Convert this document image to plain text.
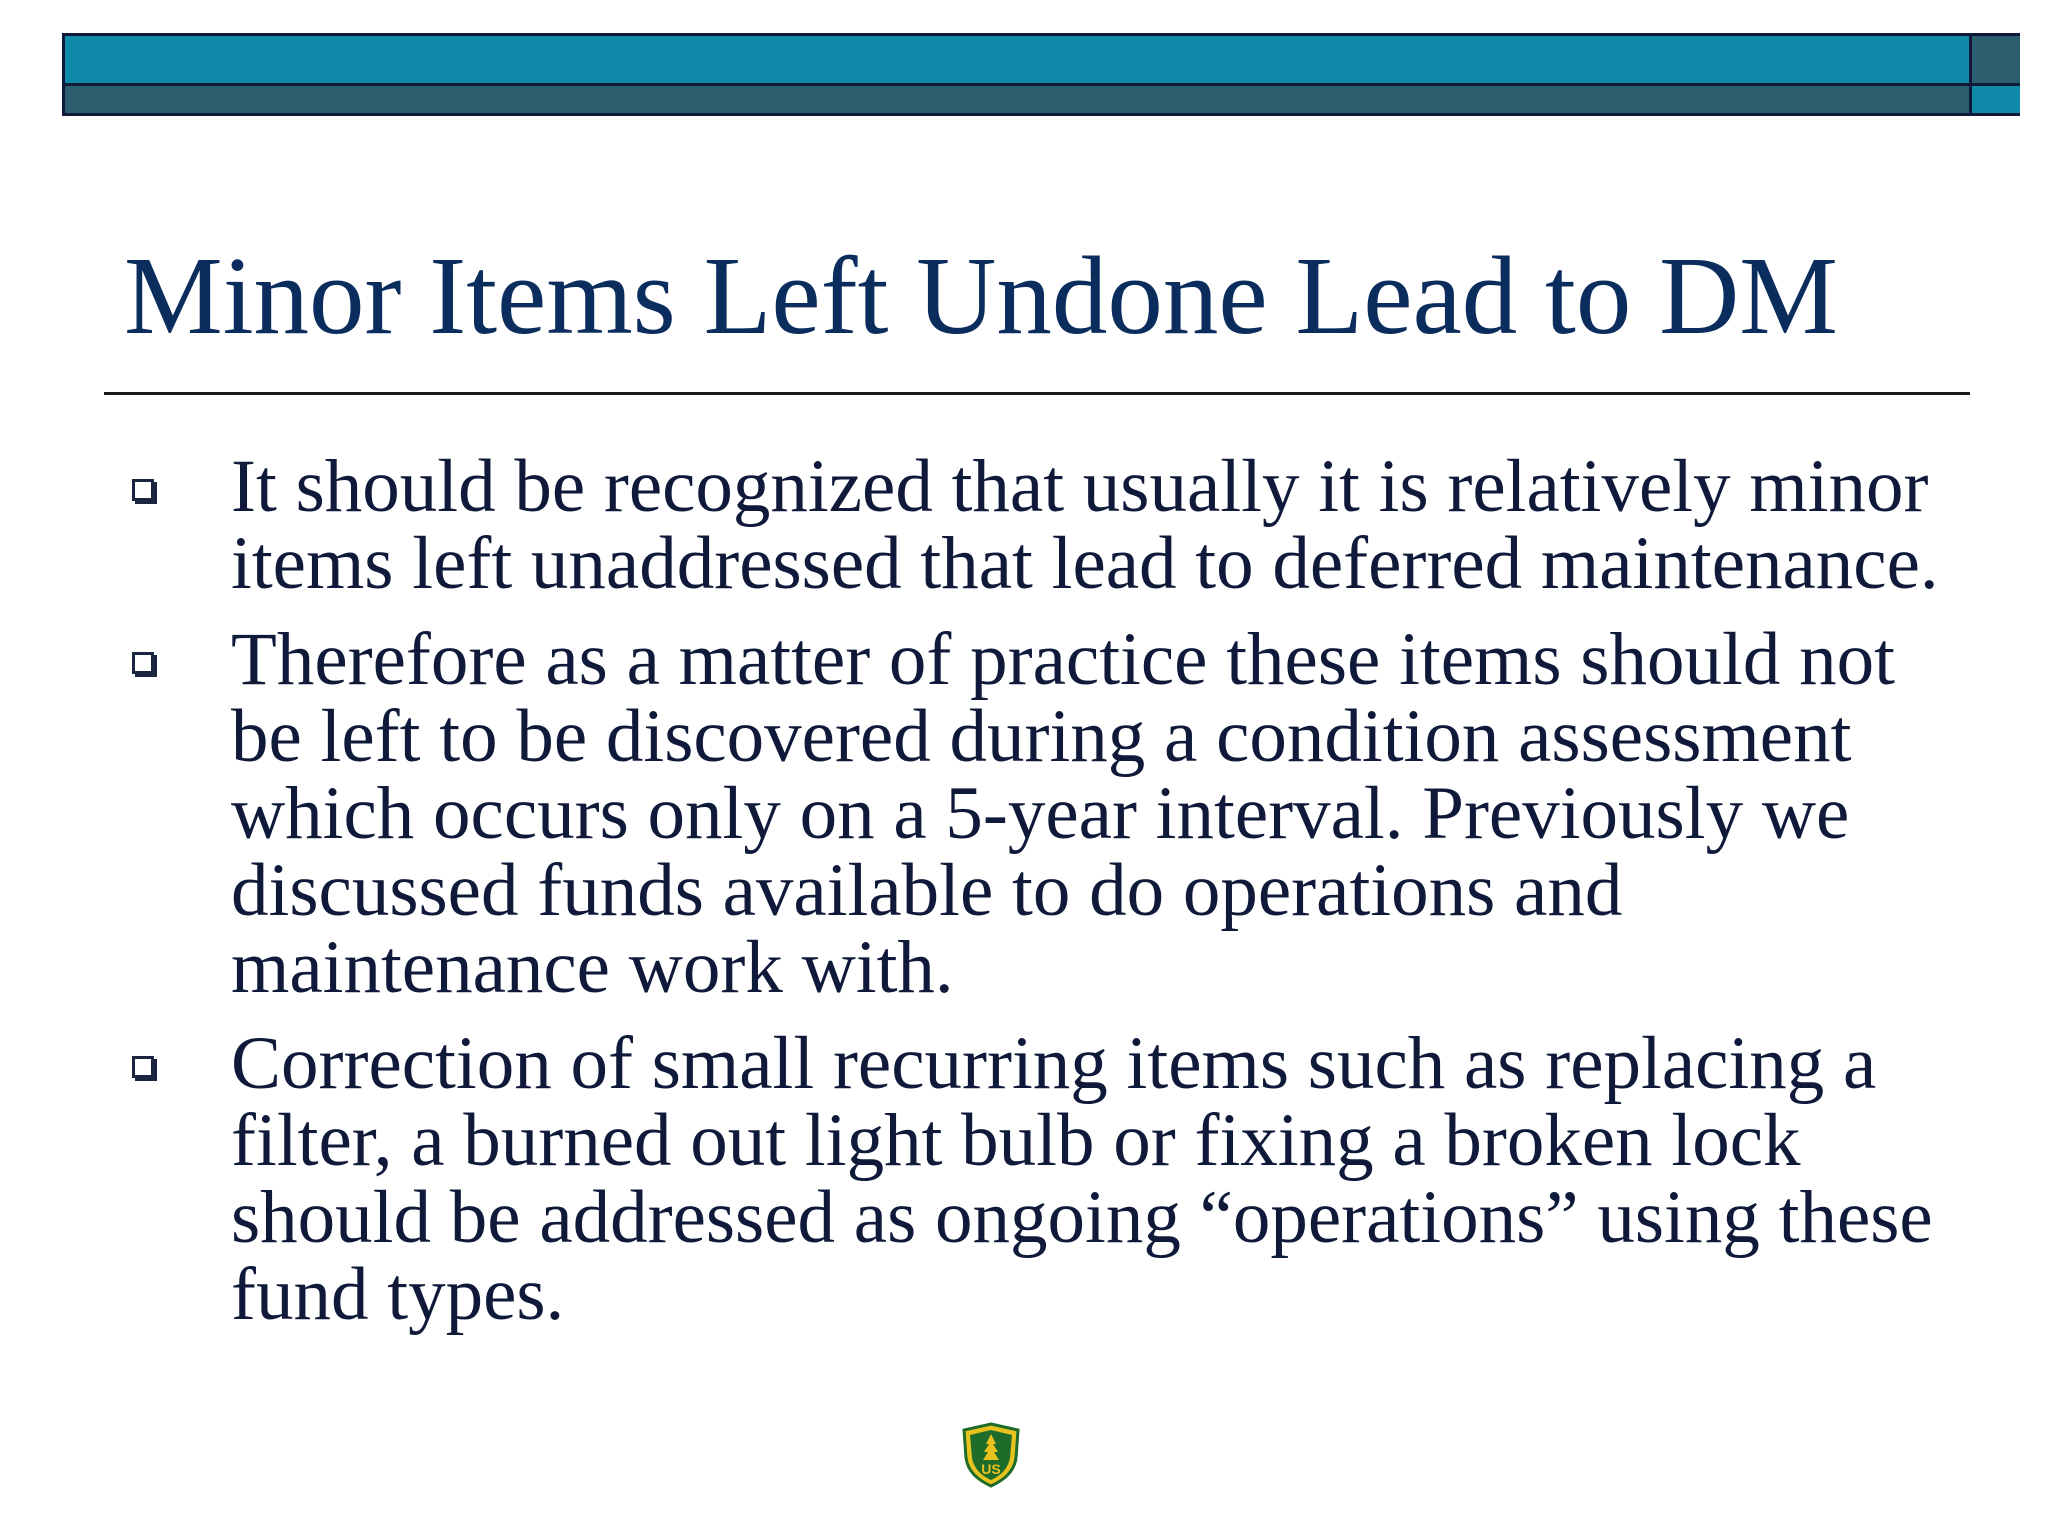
Minor Items Left Undone Lead to DM
It should be recognized that usually it is relatively minor items left unaddressed that lead to deferred maintenance.
Therefore as a matter of practice these items should not be left to be discovered during a condition assessment which occurs only on a 5-year interval. Previously we discussed funds available to do operations and maintenance work with.
Correction of small recurring items such as replacing a filter, a burned out light bulb or fixing a broken lock should be addressed as ongoing “operations” using these fund types.
US
